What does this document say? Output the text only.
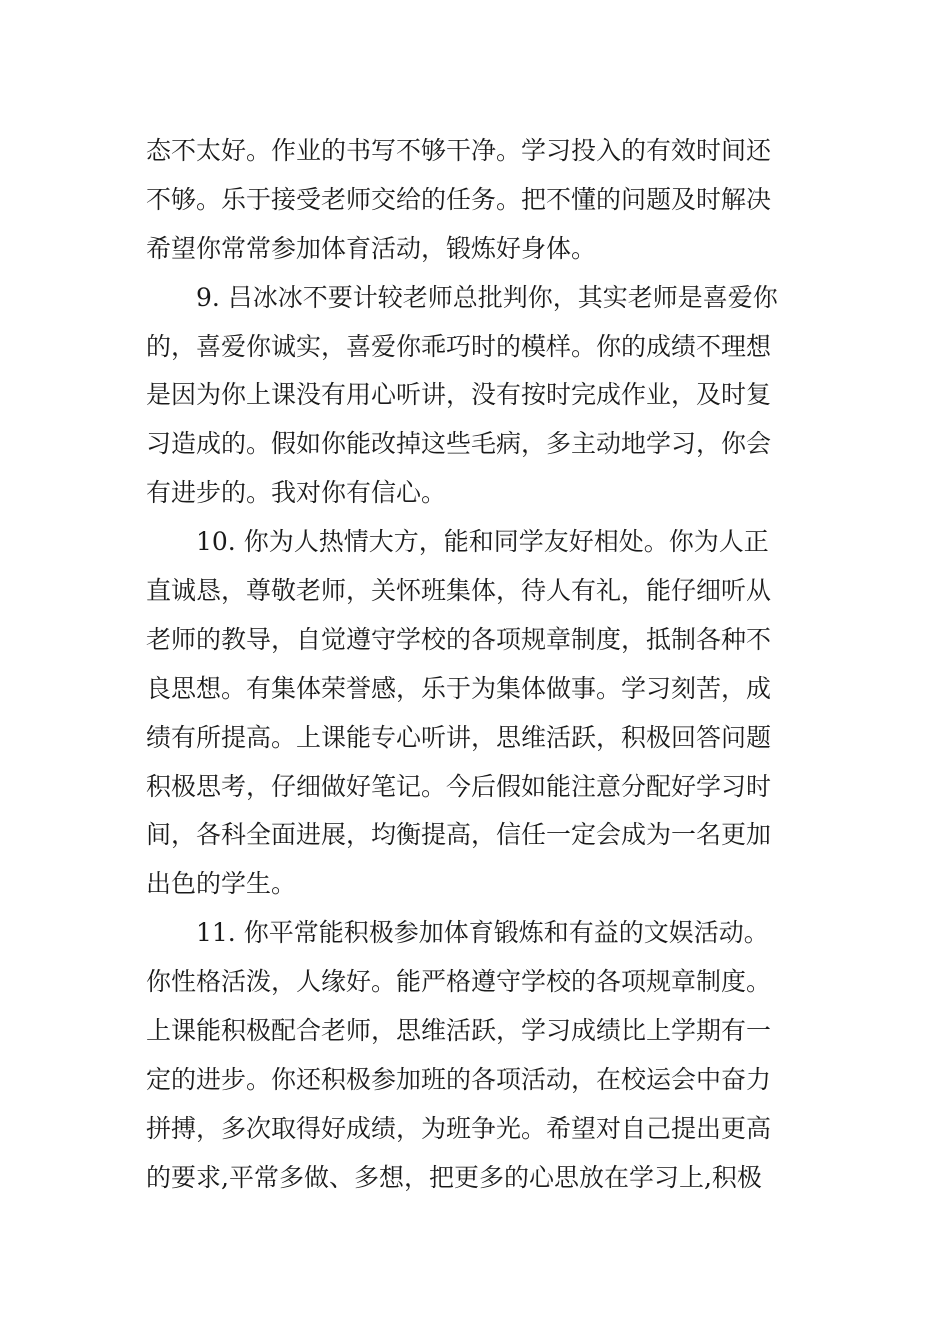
态不太好。作业的书写不够干净。学习投入的有效时间还
不够。乐于接受老师交给的任务。把不懂的问题及时解决
希望你常常参加体育活动，锻炼好身体。
9. 吕冰冰不要计较老师总批判你，其实老师是喜爱你
的，喜爱你诚实，喜爱你乖巧时的模样。你的成绩不理想
是因为你上课没有用心听讲，没有按时完成作业，及时复
习造成的。假如你能改掉这些毛病，多主动地学习，你会
有进步的。我对你有信心。
10. 你为人热情大方，能和同学友好相处。你为人正
直诚恳，尊敬老师，关怀班集体，待人有礼，能仔细听从
老师的教导，自觉遵守学校的各项规章制度，抵制各种不
良思想。有集体荣誉感，乐于为集体做事。学习刻苦，成
绩有所提高。上课能专心听讲，思维活跃，积极回答问题
积极思考，仔细做好笔记。今后假如能注意分配好学习时
间，各科全面进展，均衡提高，信任一定会成为一名更加
出色的学生。
11. 你平常能积极参加体育锻炼和有益的文娱活动。
你性格活泼，人缘好。能严格遵守学校的各项规章制度。
上课能积极配合老师，思维活跃，学习成绩比上学期有一
定的进步。你还积极参加班的各项活动，在校运会中奋力
拼搏，多次取得好成绩，为班争光。希望对自己提出更高
的要求,平常多做、多想，把更多的心思放在学习上,积极
